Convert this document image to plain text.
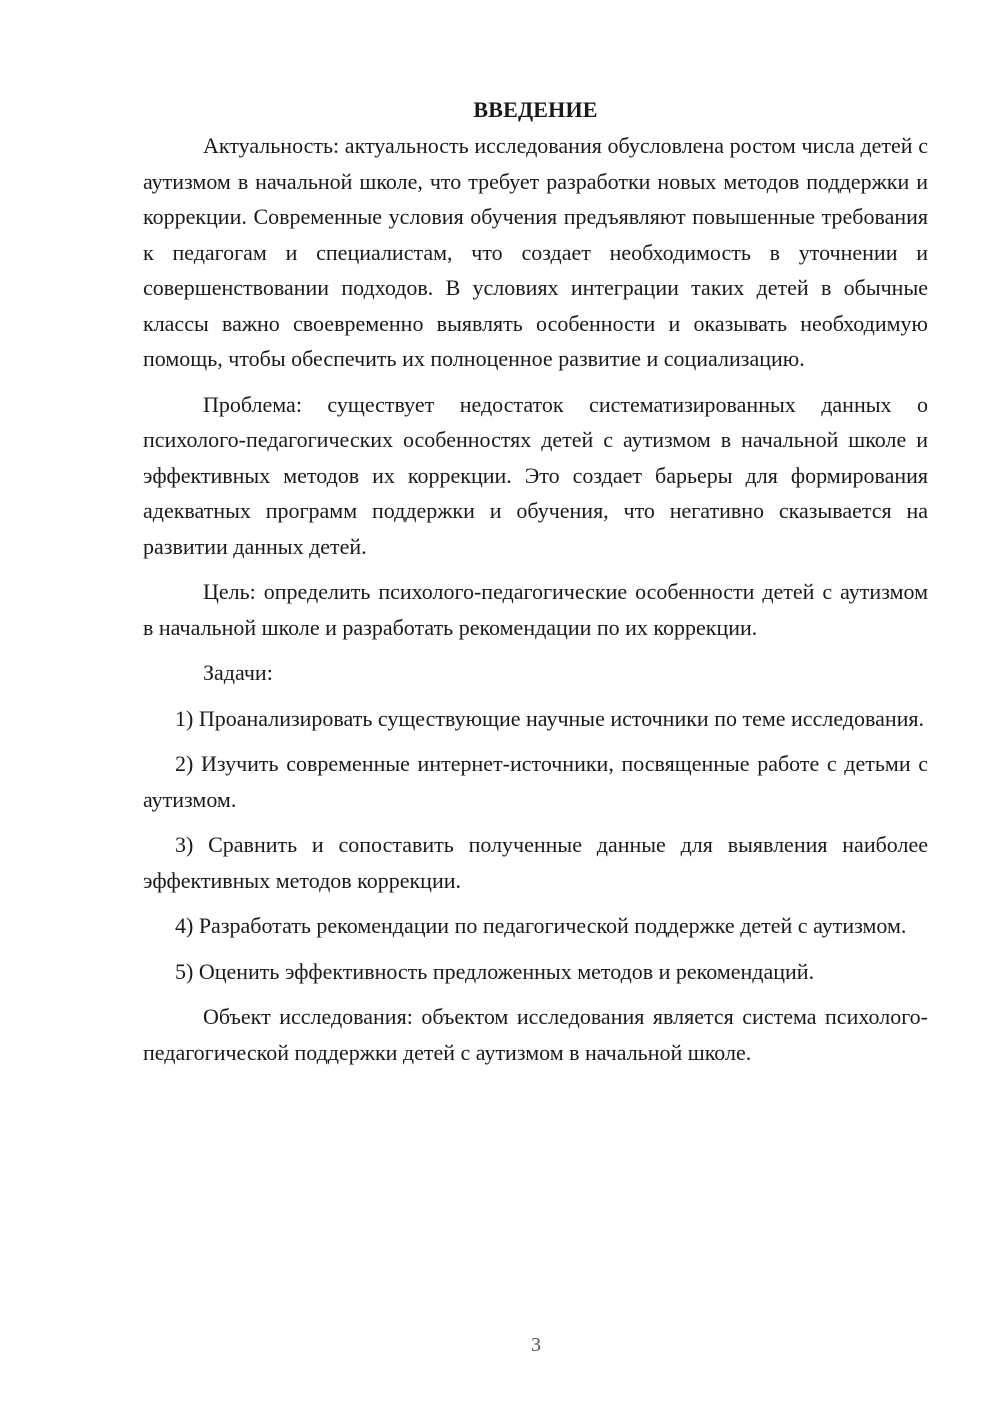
ВВЕДЕНИЕ

Актуальность: актуальность исследования обусловлена ростом числа детей с аутизмом в начальной школе, что требует разработки новых методов поддержки и коррекции. Современные условия обучения предъявляют повышенные требования к педагогам и специалистам, что создает необходимость в уточнении и совершенствовании подходов. В условиях интеграции таких детей в обычные классы важно своевременно выявлять особенности и оказывать необходимую помощь, чтобы обеспечить их полноценное развитие и социализацию.

Проблема: существует недостаток систематизированных данных о психолого-педагогических особенностях детей с аутизмом в начальной школе и эффективных методов их коррекции. Это создает барьеры для формирования адекватных программ поддержки и обучения, что негативно сказывается на развитии данных детей.

Цель: определить психолого-педагогические особенности детей с аутизмом в начальной школе и разработать рекомендации по их коррекции.

Задачи:

1) Проанализировать существующие научные источники по теме исследования.

2) Изучить современные интернет-источники, посвященные работе с детьми с аутизмом.

3) Сравнить и сопоставить полученные данные для выявления наиболее эффективных методов коррекции.

4) Разработать рекомендации по педагогической поддержке детей с аутизмом.

5) Оценить эффективность предложенных методов и рекомендаций.

Объект исследования: объектом исследования является система психолого-педагогической поддержки детей с аутизмом в начальной школе.

3
